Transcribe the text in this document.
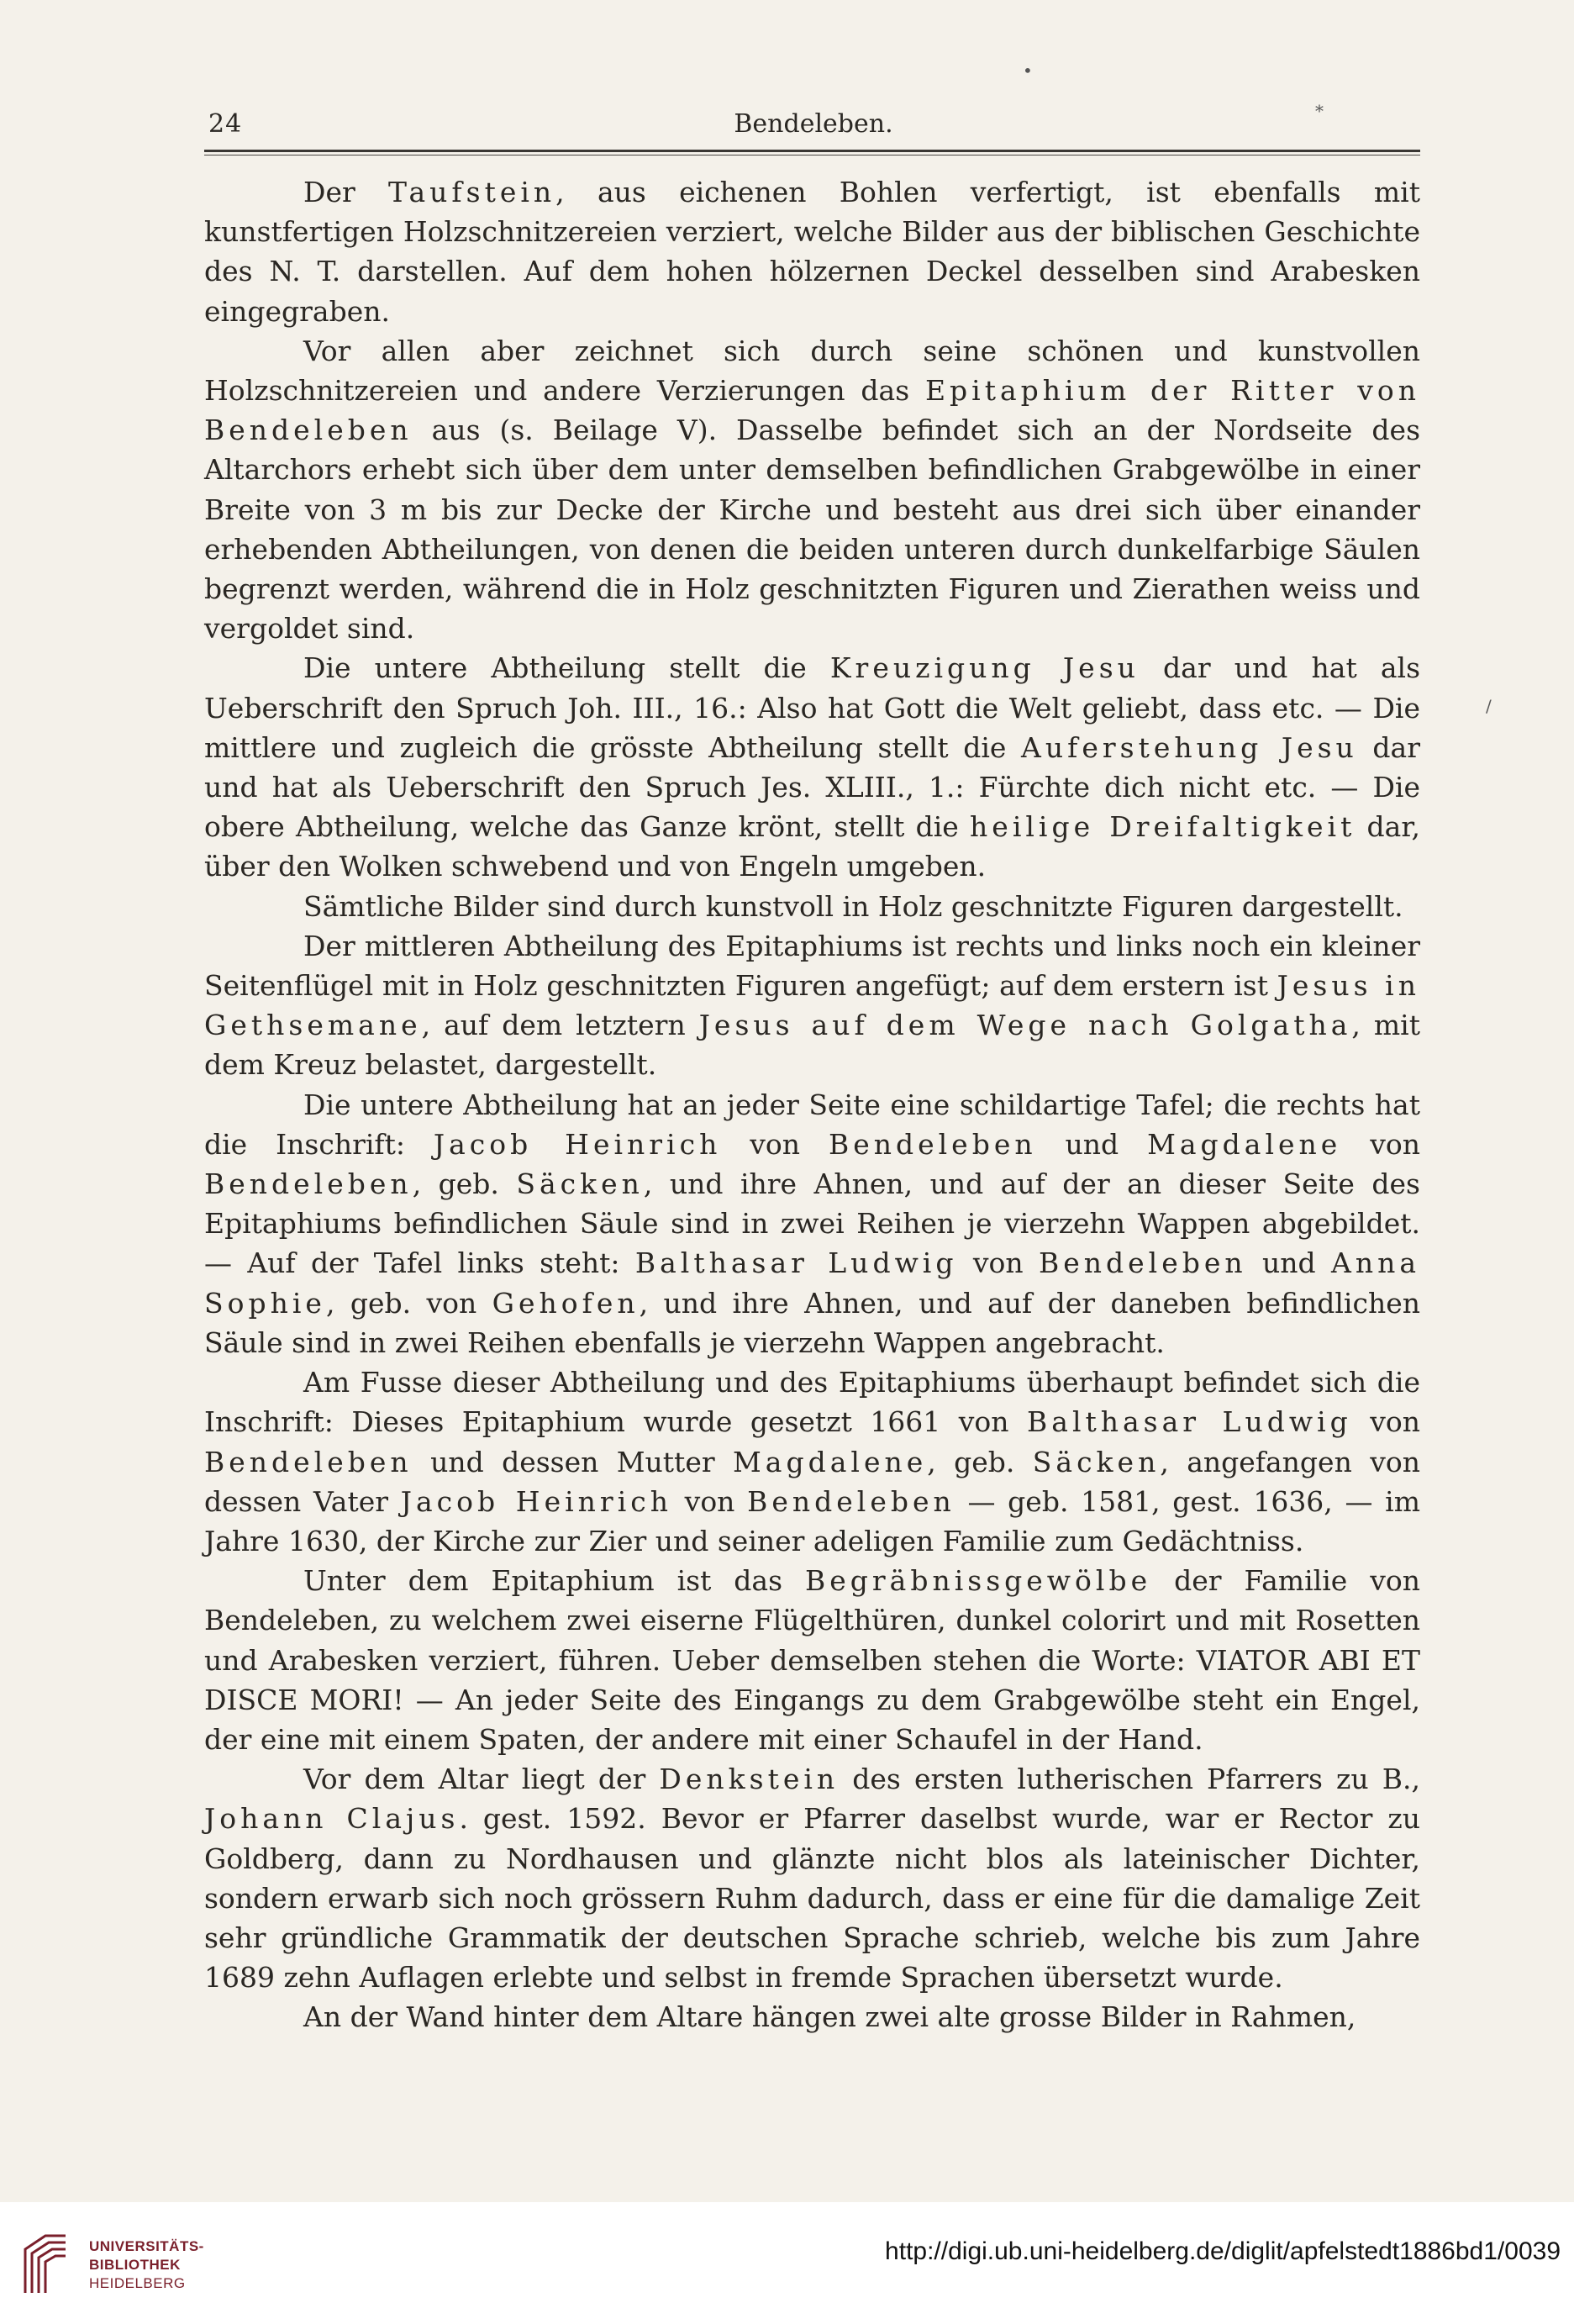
24	Bendeleben.
•
*
/

Der Taufstein, aus eichenen Bohlen verfertigt, ist ebenfalls mit kunstfertigen Holzschnitzereien verziert, welche Bilder aus der biblischen Geschichte des N. T. darstellen. Auf dem hohen hölzernen Deckel desselben sind Arabesken eingegraben.

Vor allen aber zeichnet sich durch seine schönen und kunstvollen Holzschnitzereien und andere Verzierungen das Epitaphium der Ritter von Bendeleben aus (s. Beilage V). Dasselbe befindet sich an der Nordseite des Altarchors erhebt sich über dem unter demselben befindlichen Grabgewölbe in einer Breite von 3 m bis zur Decke der Kirche und besteht aus drei sich über einander erhebenden Abtheilungen, von denen die beiden unteren durch dunkelfarbige Säulen begrenzt werden, während die in Holz geschnitzten Figuren und Zierathen weiss und vergoldet sind.

Die untere Abtheilung stellt die Kreuzigung Jesu dar und hat als Ueberschrift den Spruch Joh. III., 16.: Also hat Gott die Welt geliebt, dass etc. — Die mittlere und zugleich die grösste Abtheilung stellt die Auferstehung Jesu dar und hat als Ueberschrift den Spruch Jes. XLIII., 1.: Fürchte dich nicht etc. — Die obere Abtheilung, welche das Ganze krönt, stellt die heilige Dreifaltigkeit dar, über den Wolken schwebend und von Engeln umgeben.

Sämtliche Bilder sind durch kunstvoll in Holz geschnitzte Figuren dargestellt.

Der mittleren Abtheilung des Epitaphiums ist rechts und links noch ein kleiner Seitenflügel mit in Holz geschnitzten Figuren angefügt; auf dem erstern ist Jesus in Gethsemane, auf dem letztern Jesus auf dem Wege nach Golgatha, mit dem Kreuz belastet, dargestellt.

Die untere Abtheilung hat an jeder Seite eine schildartige Tafel; die rechts hat die Inschrift: Jacob Heinrich von Bendeleben und Magdalene von Bendeleben, geb. Säcken, und ihre Ahnen, und auf der an dieser Seite des Epitaphiums befindlichen Säule sind in zwei Reihen je vierzehn Wappen abgebildet. — Auf der Tafel links steht: Balthasar Ludwig von Bendeleben und Anna Sophie, geb. von Gehofen, und ihre Ahnen, und auf der daneben befindlichen Säule sind in zwei Reihen ebenfalls je vierzehn Wappen angebracht.

Am Fusse dieser Abtheilung und des Epitaphiums überhaupt befindet sich die Inschrift: Dieses Epitaphium wurde gesetzt 1661 von Balthasar Ludwig von Bendeleben und dessen Mutter Magdalene, geb. Säcken, angefangen von dessen Vater Jacob Heinrich von Bendeleben — geb. 1581, gest. 1636, — im Jahre 1630, der Kirche zur Zier und seiner adeligen Familie zum Gedächtniss.

Unter dem Epitaphium ist das Begräbnissgewölbe der Familie von Bendeleben, zu welchem zwei eiserne Flügelthüren, dunkel colorirt und mit Rosetten und Arabesken verziert, führen. Ueber demselben stehen die Worte: VIATOR ABI ET DISCE MORI! — An jeder Seite des Eingangs zu dem Grabgewölbe steht ein Engel, der eine mit einem Spaten, der andere mit einer Schaufel in der Hand.

Vor dem Altar liegt der Denkstein des ersten lutherischen Pfarrers zu B., Johann Clajus. gest. 1592. Bevor er Pfarrer daselbst wurde, war er Rector zu Goldberg, dann zu Nordhausen und glänzte nicht blos als lateinischer Dichter, sondern erwarb sich noch grössern Ruhm dadurch, dass er eine für die damalige Zeit sehr gründliche Grammatik der deutschen Sprache schrieb, welche bis zum Jahre 1689 zehn Auflagen erlebte und selbst in fremde Sprachen übersetzt wurde.

An der Wand hinter dem Altare hängen zwei alte grosse Bilder in Rahmen,

UNIVERSITÄTS-
BIBLIOTHEK
HEIDELBERG
http://digi.ub.uni-heidelberg.de/diglit/apfelstedt1886bd1/0039
